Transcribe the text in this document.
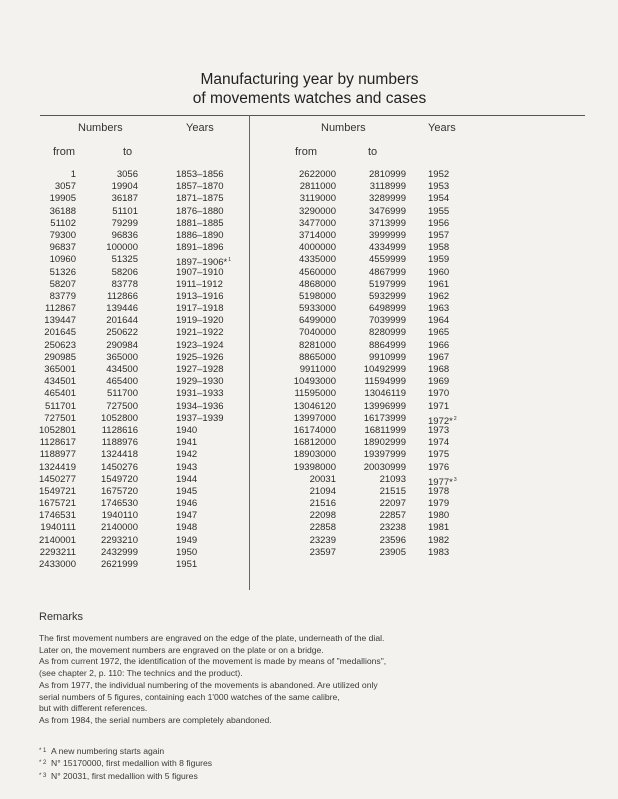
Manufacturing year by numbers
of movements watches and cases
Numbers	Years
from	to
Numbers	Years
from	to
1	3056	1853–1856
3057	19904	1857–1870
19905	36187	1871–1875
36188	51101	1876–1880
51102	79299	1881–1885
79300	96836	1886–1890
96837	100000	1891–1896
10960	51325	1897–1906*$^1$
51326	58206	1907–1910
58207	83778	1911–1912
83779	112866	1913–1916
112867	139446	1917–1918
139447	201644	1919–1920
201645	250622	1921–1922
250623	290984	1923–1924
290985	365000	1925–1926
365001	434500	1927–1928
434501	465400	1929–1930
465401	511700	1931–1933
511701	727500	1934–1936
727501	1052800	1937–1939
1052801	1128616	1940
1128617	1188976	1941
1188977	1324418	1942
1324419	1450276	1943
1450277	1549720	1944
1549721	1675720	1945
1675721	1746530	1946
1746531	1940110	1947
1940111	2140000	1948
2140001	2293210	1949
2293211	2432999	1950
2433000	2621999	1951
2622000	2810999 1952
2811000	3118999 1953
3119000	3289999 1954
3290000	3476999 1955
3477000	3713999 1956
3714000	3999999 1957
4000000	4334999 1958
4335000	4559999 1959
4560000	4867999 1960
4868000	5197999 1961
5198000	5932999 1962
5933000	6498999 1963
6499000	7039999 1964
7040000	8280999 1965
8281000	8864999 1966
8865000	9910999 1967
9911000	10492999 1968
10493000	11594999 1969
11595000	13046119 1970
13046120	13996999 1971
13997000	16173999 1972*$^2$
16174000	16811999 1973
16812000	18902999 1974
18903000	19397999 1975
19398000	20030999 1976
20031	21093 1977*$^3$
21094	21515 1978
21516	22097 1979
22098	22857 1980
22858	23238 1981
23239	23596 1982
23597	23905 1983
Remarks
The first movement numbers are engraved on the edge of the plate, underneath of the dial.
Later on, the movement numbers are engraved on the plate or on a bridge.
As from current 1972, the identification of the movement is made by means of "medallions",
(see chapter 2, p. 110: The technics and the product).
As from 1977, the individual numbering of the movements is abandoned. Are utilized only
serial numbers of 5 figures, containing each 1'000 watches of the same calibre,
but with different references.
As from 1984, the serial numbers are completely abandoned.
* 1 A new numbering starts again
* 2 N° 15170000, first medallion with 8 figures
* 3 N° 20031, first medallion with 5 figures
